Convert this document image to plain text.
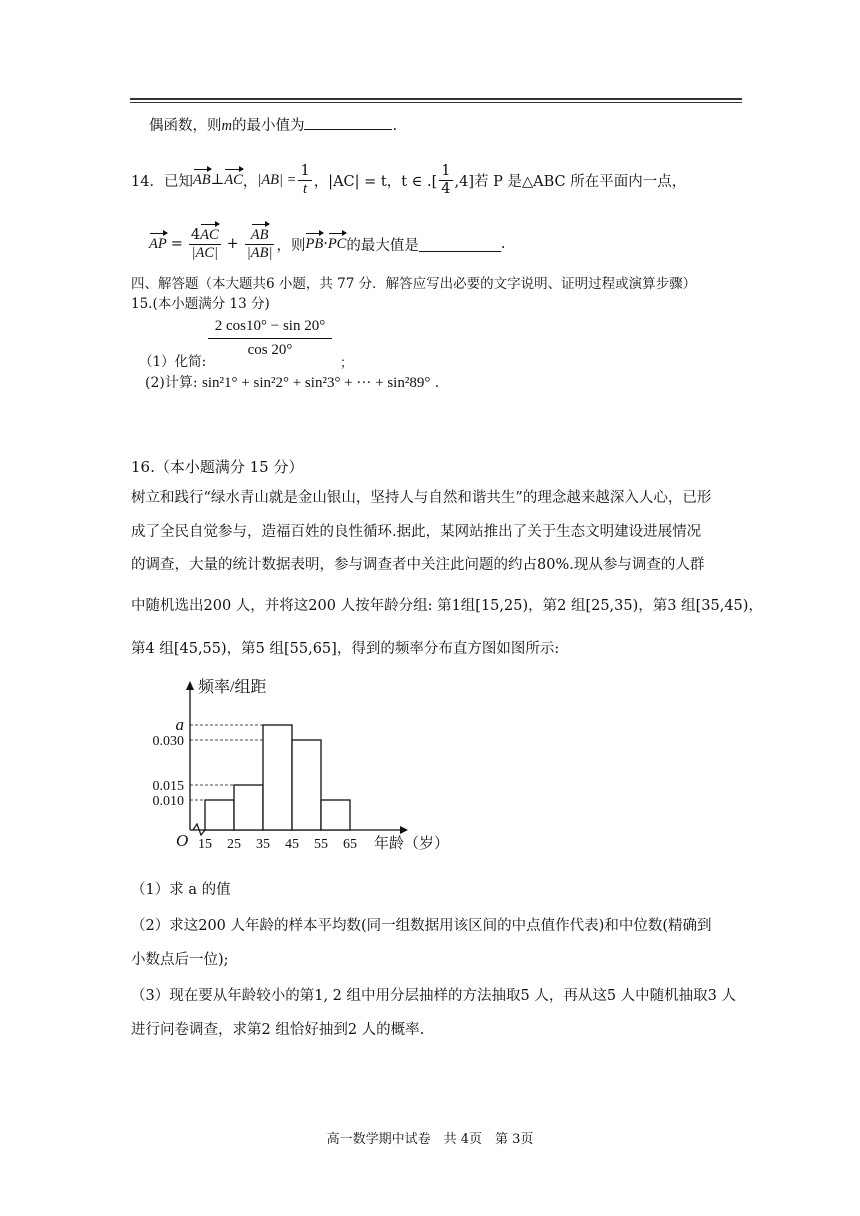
偶函数，则m的最小值为	.
14．已知 AB ⊥ AC ， $|AB| = \frac{1}{t}$ ，|AC| = t，t ∈ .[ $\frac{1}{4} ,4$]若 P 是△ABC 所在平面内一点，
AP = $\frac{4AC}{|AC|} + \frac{AB}{|AB|}$ ，则 PB · PC 的最大值是	.
四、解答题（本大题共6 小题，共 77 分．解答应写出必要的文字说明、证明过程或演算步骤）
15.(本小题满分 13 分)
（1）化简:
$\frac{2 \cos 10^\circ - \sin 20^\circ}{\cos 20^\circ}$
；
(2)计算: sin²1° + sin²2° + sin²3° + ··· + sin²89° .
16.（本小题满分 15 分）
树立和践行“绿水青山就是金山银山，坚持人与自然和谐共生”的理念越来越深入人心，已形
成了全民自觉参与，造福百姓的良性循环.据此，某网站推出了关于生态文明建设进展情况
的调查，大量的统计数据表明，参与调查者中关注此问题的约占80%.现从参与调查的人群
中随机选出200 人，并将这200 人按年龄分组: 第1组[15,25)，第2 组[25,35)，第3 组[35,45)，
第4 组[45,55)，第5 组[55,65]，得到的频率分布直方图如图所示:
0.010
0.015
0.030
a
15 25 35 45 55 65
O
频率/组距
年龄（岁）
（1）求 a 的值
（2）求这200 人年龄的样本平均数(同一组数据用该区间的中点值作代表)和中位数(精确到
小数点后一位);
（3）现在要从年龄较小的第1, 2 组中用分层抽样的方法抽取5 人，再从这5 人中随机抽取3 人
进行问卷调查，求第2 组恰好抽到2 人的概率.
高一数学期中试卷　共 4页　第 3页
